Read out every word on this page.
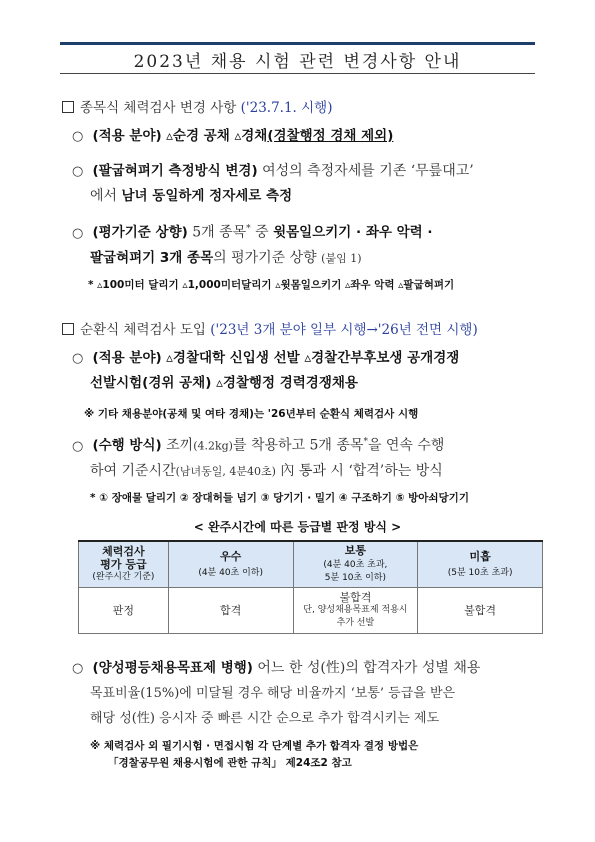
2023년 채용 시험 관련 변경사항 안내
종목식 체력검사 변경 사항 ('23.7.1. 시행)
○ (적용 분야) ▵순경 공채 ▵경채(경찰행정 경채 제외)
○ (팔굽혀펴기 측정방식 변경) 여성의 측정자세를 기존 ‘무릎대고’
에서 남녀 동일하게 정자세로 측정
○ (평가기준 상향) 5개 종목* 중 윗몸일으키기 · 좌우 악력 ·
팔굽혀펴기 3개 종목의 평가기준 상향 (붙임 1)
* ▵100미터 달리기 ▵1,000미터달리기 ▵윗몸일으키기 ▵좌우 악력 ▵팔굽혀펴기
순환식 체력검사 도입 ('23년 3개 분야 일부 시행→'26년 전면 시행)
○ (적용 분야) ▵경찰대학 신입생 선발 ▵경찰간부후보생 공개경쟁
선발시험(경위 공채) ▵경찰행정 경력경쟁채용
※ 기타 채용분야(공채 및 여타 경채)는 '26년부터 순환식 체력검사 시행
○ (수행 방식) 조끼(4.2kg)를 착용하고 5개 종목*을 연속 수행
하여 기준시간(남녀동일, 4분40초) 內 통과 시 ‘합격’하는 방식
* ① 장애물 달리기 ② 장대허들 넘기 ③ 당기기 · 밀기 ④ 구조하기 ⑤ 방아쇠당기기
< 완주시간에 따른 등급별 판정 방식 >
체력검사
평가 등급
(완주시간 기준)	우수
(4분 40초 이하)	보통
(4분 40초 초과,
5분 10초 이하)	미흡
(5분 10초 초과)

판정	합격	불합격
단, 양성채용목표제 적용시
추가 선발	불합격
○ (양성평등채용목표제 병행) 어느 한 성(性)의 합격자가 성별 채용
목표비율(15%)에 미달될 경우 해당 비율까지 ‘보통’ 등급을 받은
해당 성(性) 응시자 중 빠른 시간 순으로 추가 합격시키는 제도
※ 체력검사 외 필기시험 · 면접시험 각 단계별 추가 합격자 결정 방법은
「경찰공무원 채용시험에 관한 규칙」 제24조2 참고
